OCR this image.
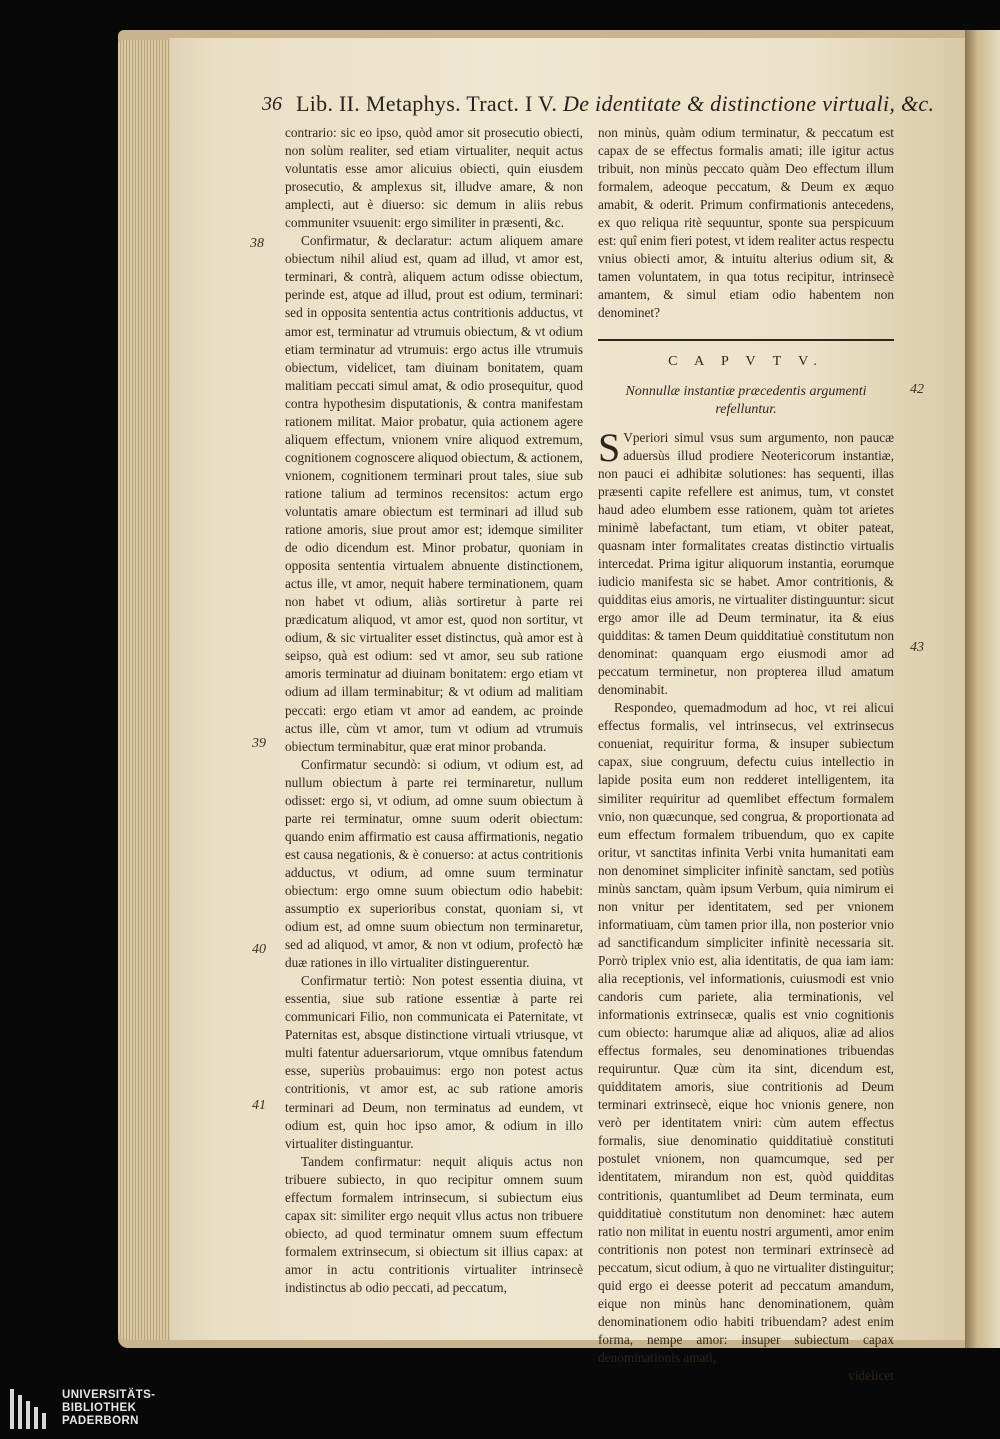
36 Lib. II. Metaphys. Tract. I V. De identitate & distinctione virtuali, &c.
38
39
40
41
42
43

contrario: sic eo ipso, quòd amor sit prosecutio obiecti, non solùm realiter, sed etiam virtualiter, nequit actus voluntatis esse amor alicuius obiecti, quin eiusdem prosecutio, & amplexus sit, illudve amare, & non amplecti, aut è diuerso: sic demum in aliis rebus communiter vsuuenit: ergo similiter in præsenti, &c.

Confirmatur, & declaratur: actum aliquem amare obiectum nihil aliud est, quam ad illud, vt amor est, terminari, & contrà, aliquem actum odisse obiectum, perinde est, atque ad illud, prout est odium, terminari: sed in opposita sententia actus contritionis adductus, vt amor est, terminatur ad vtrumuis obiectum, & vt odium etiam terminatur ad vtrumuis: ergo actus ille vtrumuis obiectum, videlicet, tam diuinam bonitatem, quam malitiam peccati simul amat, & odio prosequitur, quod contra hypothesim disputationis, & contra manifestam rationem militat. Maior probatur, quia actionem agere aliquem effectum, vnionem vnire aliquod extremum, cognitionem cognoscere aliquod obiectum, & actionem, vnionem, cognitionem terminari prout tales, siue sub ratione talium ad terminos recensitos: actum ergo voluntatis amare obiectum est terminari ad illud sub ratione amoris, siue prout amor est; idemque similiter de odio dicendum est. Minor probatur, quoniam in opposita sententia virtualem abnuente distinctionem, actus ille, vt amor, nequit habere terminationem, quam non habet vt odium, aliàs sortiretur à parte rei prædicatum aliquod, vt amor est, quod non sortitur, vt odium, & sic virtualiter esset distinctus, quà amor est à seipso, quà est odium: sed vt amor, seu sub ratione amoris terminatur ad diuinam bonitatem: ergo etiam vt odium ad illam terminabitur; & vt odium ad malitiam peccati: ergo etiam vt amor ad eandem, ac proinde actus ille, cùm vt amor, tum vt odium ad vtrumuis obiectum terminabitur, quæ erat minor probanda.

Confirmatur secundò: si odium, vt odium est, ad nullum obiectum à parte rei terminaretur, nullum odisset: ergo si, vt odium, ad omne suum obiectum à parte rei terminatur, omne suum oderit obiectum: quando enim affirmatio est causa affirmationis, negatio est causa negationis, & è conuerso: at actus contritionis adductus, vt odium, ad omne suum terminatur obiectum: ergo omne suum obiectum odio habebit: assumptio ex superioribus constat, quoniam si, vt odium est, ad omne suum obiectum non terminaretur, sed ad aliquod, vt amor, & non vt odium, profectò hæ duæ rationes in illo virtualiter distinguerentur.

Confirmatur tertiò: Non potest essentia diuina, vt essentia, siue sub ratione essentiæ à parte rei communicari Filio, non communicata ei Paternitate, vt Paternitas est, absque distinctione virtuali vtriusque, vt multi fatentur aduersariorum, vtque omnibus fatendum esse, superiùs probauimus: ergo non potest actus contritionis, vt amor est, ac sub ratione amoris terminari ad Deum, non terminatus ad eundem, vt odium est, quin hoc ipso amor, & odium in illo virtualiter distinguantur.

Tandem confirmatur: nequit aliquis actus non tribuere subiecto, in quo recipitur omnem suum effectum formalem intrinsecum, si subiectum eius capax sit: similiter ergo nequit vllus actus non tribuere obiecto, ad quod terminatur omnem suum effectum formalem extrinsecum, si obiectum sit illius capax: at amor in actu contritionis virtualiter intrinsecè indistinctus ab odio peccati, ad peccatum,

non minùs, quàm odium terminatur, & peccatum est capax de se effectus formalis amati; ille igitur actus tribuit, non minùs peccato quàm Deo effectum illum formalem, adeoque peccatum, & Deum ex æquo amabit, & oderit. Primum confirmationis antecedens, ex quo reliqua ritè sequuntur, sponte sua perspicuum est: quî enim fieri potest, vt idem realiter actus respectu vnius obiecti amor, & intuitu alterius odium sit, & tamen voluntatem, in qua totus recipitur, intrinsecè amantem, & simul etiam odio habentem non denominet?

C A P V T V.

Nonnullæ instantiæ præcedentis argumenti refelluntur.

S Vperiori simul vsus sum argumento, non paucæ aduersùs illud prodiere Neotericorum instantiæ, non pauci ei adhibitæ solutiones: has sequenti, illas præsenti capite refellere est animus, tum, vt constet haud adeo elumbem esse rationem, quàm tot arietes minimè labefactant, tum etiam, vt obiter pateat, quasnam inter formalitates creatas distinctio virtualis intercedat. Prima igitur aliquorum instantia, eorumque iudicio manifesta sic se habet. Amor contritionis, & quidditas eius amoris, ne virtualiter distinguuntur: sicut ergo amor ille ad Deum terminatur, ita & eius quidditas: & tamen Deum quidditatiuè constitutum non denominat: quanquam ergo eiusmodi amor ad peccatum terminetur, non propterea illud amatum denominabit.

Respondeo, quemadmodum ad hoc, vt rei alicui effectus formalis, vel intrinsecus, vel extrinsecus conueniat, requiritur forma, & insuper subiectum capax, siue congruum, defectu cuius intellectio in lapide posita eum non redderet intelligentem, ita similiter requiritur ad quemlibet effectum formalem vnio, non quæcunque, sed congrua, & proportionata ad eum effectum formalem tribuendum, quo ex capite oritur, vt sanctitas infinita Verbi vnita humanitati eam non denominet simpliciter infinitè sanctam, sed potiùs minùs sanctam, quàm ipsum Verbum, quia nimirum ei non vnitur per identitatem, sed per vnionem informatiuam, cùm tamen prior illa, non posterior vnio ad sanctificandum simpliciter infinitè necessaria sit. Porrò triplex vnio est, alia identitatis, de qua iam iam: alia receptionis, vel informationis, cuiusmodi est vnio candoris cum pariete, alia terminationis, vel informationis extrinsecæ, qualis est vnio cognitionis cum obiecto: harumque aliæ ad aliquos, aliæ ad alios effectus formales, seu denominationes tribuendas requiruntur. Quæ cùm ita sint, dicendum est, quidditatem amoris, siue contritionis ad Deum terminari extrinsecè, eique hoc vnionis genere, non verò per identitatem vniri: cùm autem effectus formalis, siue denominatio quidditatiuè constituti postulet vnionem, non quamcumque, sed per identitatem, mirandum non est, quòd quidditas contritionis, quantumlibet ad Deum terminata, eum quidditatiuè constitutum non denominet: hæc autem ratio non militat in euentu nostri argumenti, amor enim contritionis non potest non terminari extrinsecè ad peccatum, sicut odium, à quo ne virtualiter distinguitur; quid ergo ei deesse poterit ad peccatum amandum, eique non minùs hanc denominationem, quàm denominationem odio habiti tribuendam? adest enim forma, nempe amor: insuper subiectum capax denominationis amati,

videlicet

UNIVERSITÄTS-
BIBLIOTHEK
PADERBORN
